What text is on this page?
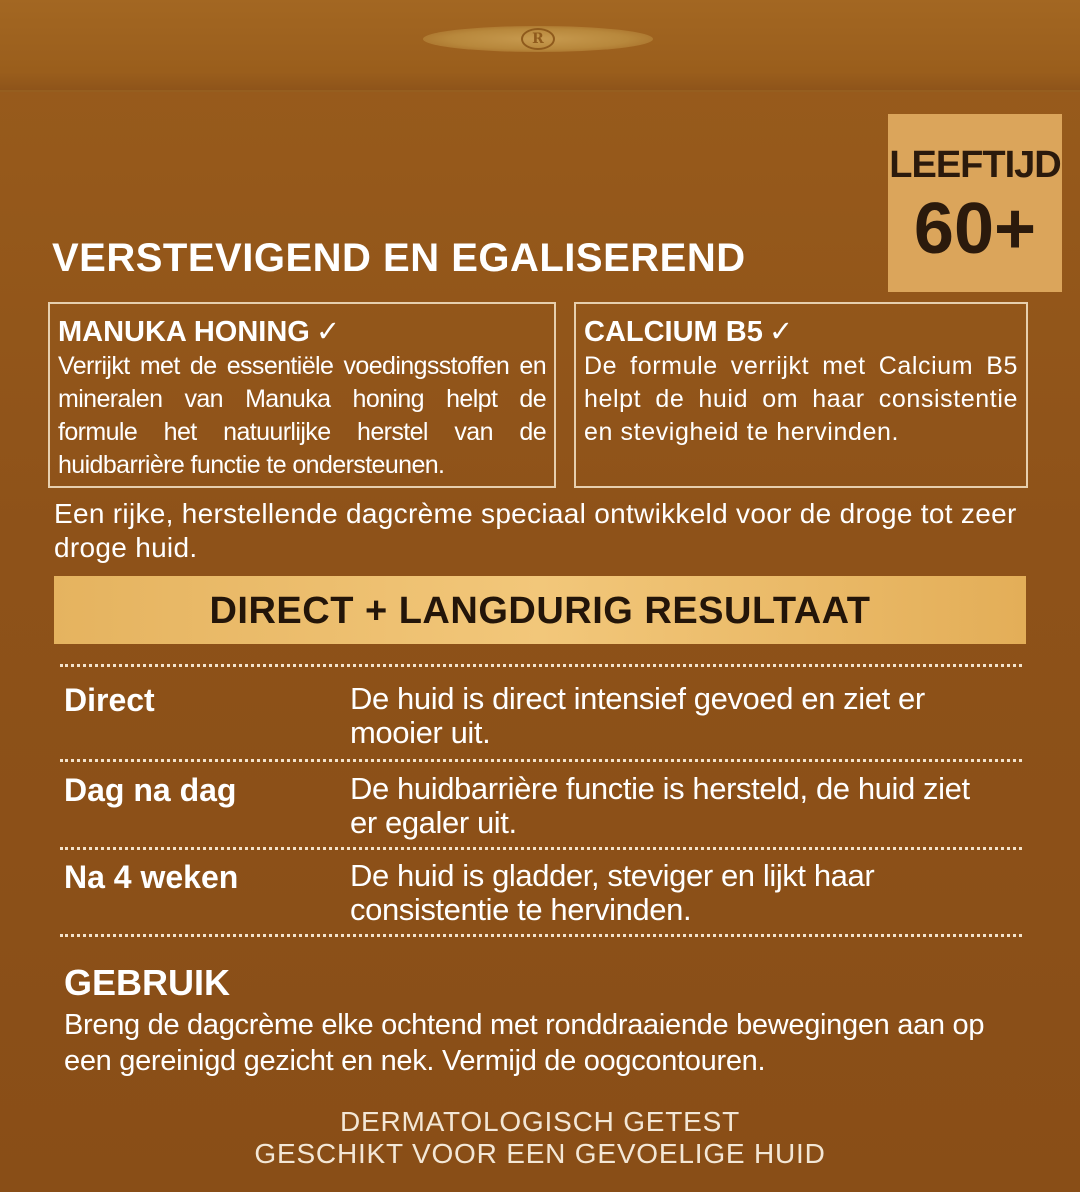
R
LEEFTIJD
60+
VERSTEVIGEND EN EGALISEREND
MANUKA HONING ✓
Verrijkt met de essentiële voedingsstoffen en mineralen van Manuka honing helpt de formule het natuurlijke herstel van de huidbarrière functie te ondersteunen.
CALCIUM B5 ✓
De formule verrijkt met Calcium B5 helpt de huid om haar consistentie en stevigheid te hervinden.
Een rijke, herstellende dagcrème speciaal ontwikkeld voor de droge tot zeer droge huid.
DIRECT + LANGDURIG RESULTAAT
Direct	De huid is direct intensief gevoed en ziet er mooier uit.
Dag na dag	De huidbarrière functie is hersteld, de huid ziet er egaler uit.
Na 4 weken	De huid is gladder, steviger en lijkt haar consistentie te hervinden.
GEBRUIK
Breng de dagcrème elke ochtend met ronddraaiende bewegingen aan op een gereinigd gezicht en nek. Vermijd de oogcontouren.
DERMATOLOGISCH GETEST
GESCHIKT VOOR EEN GEVOELIGE HUID
